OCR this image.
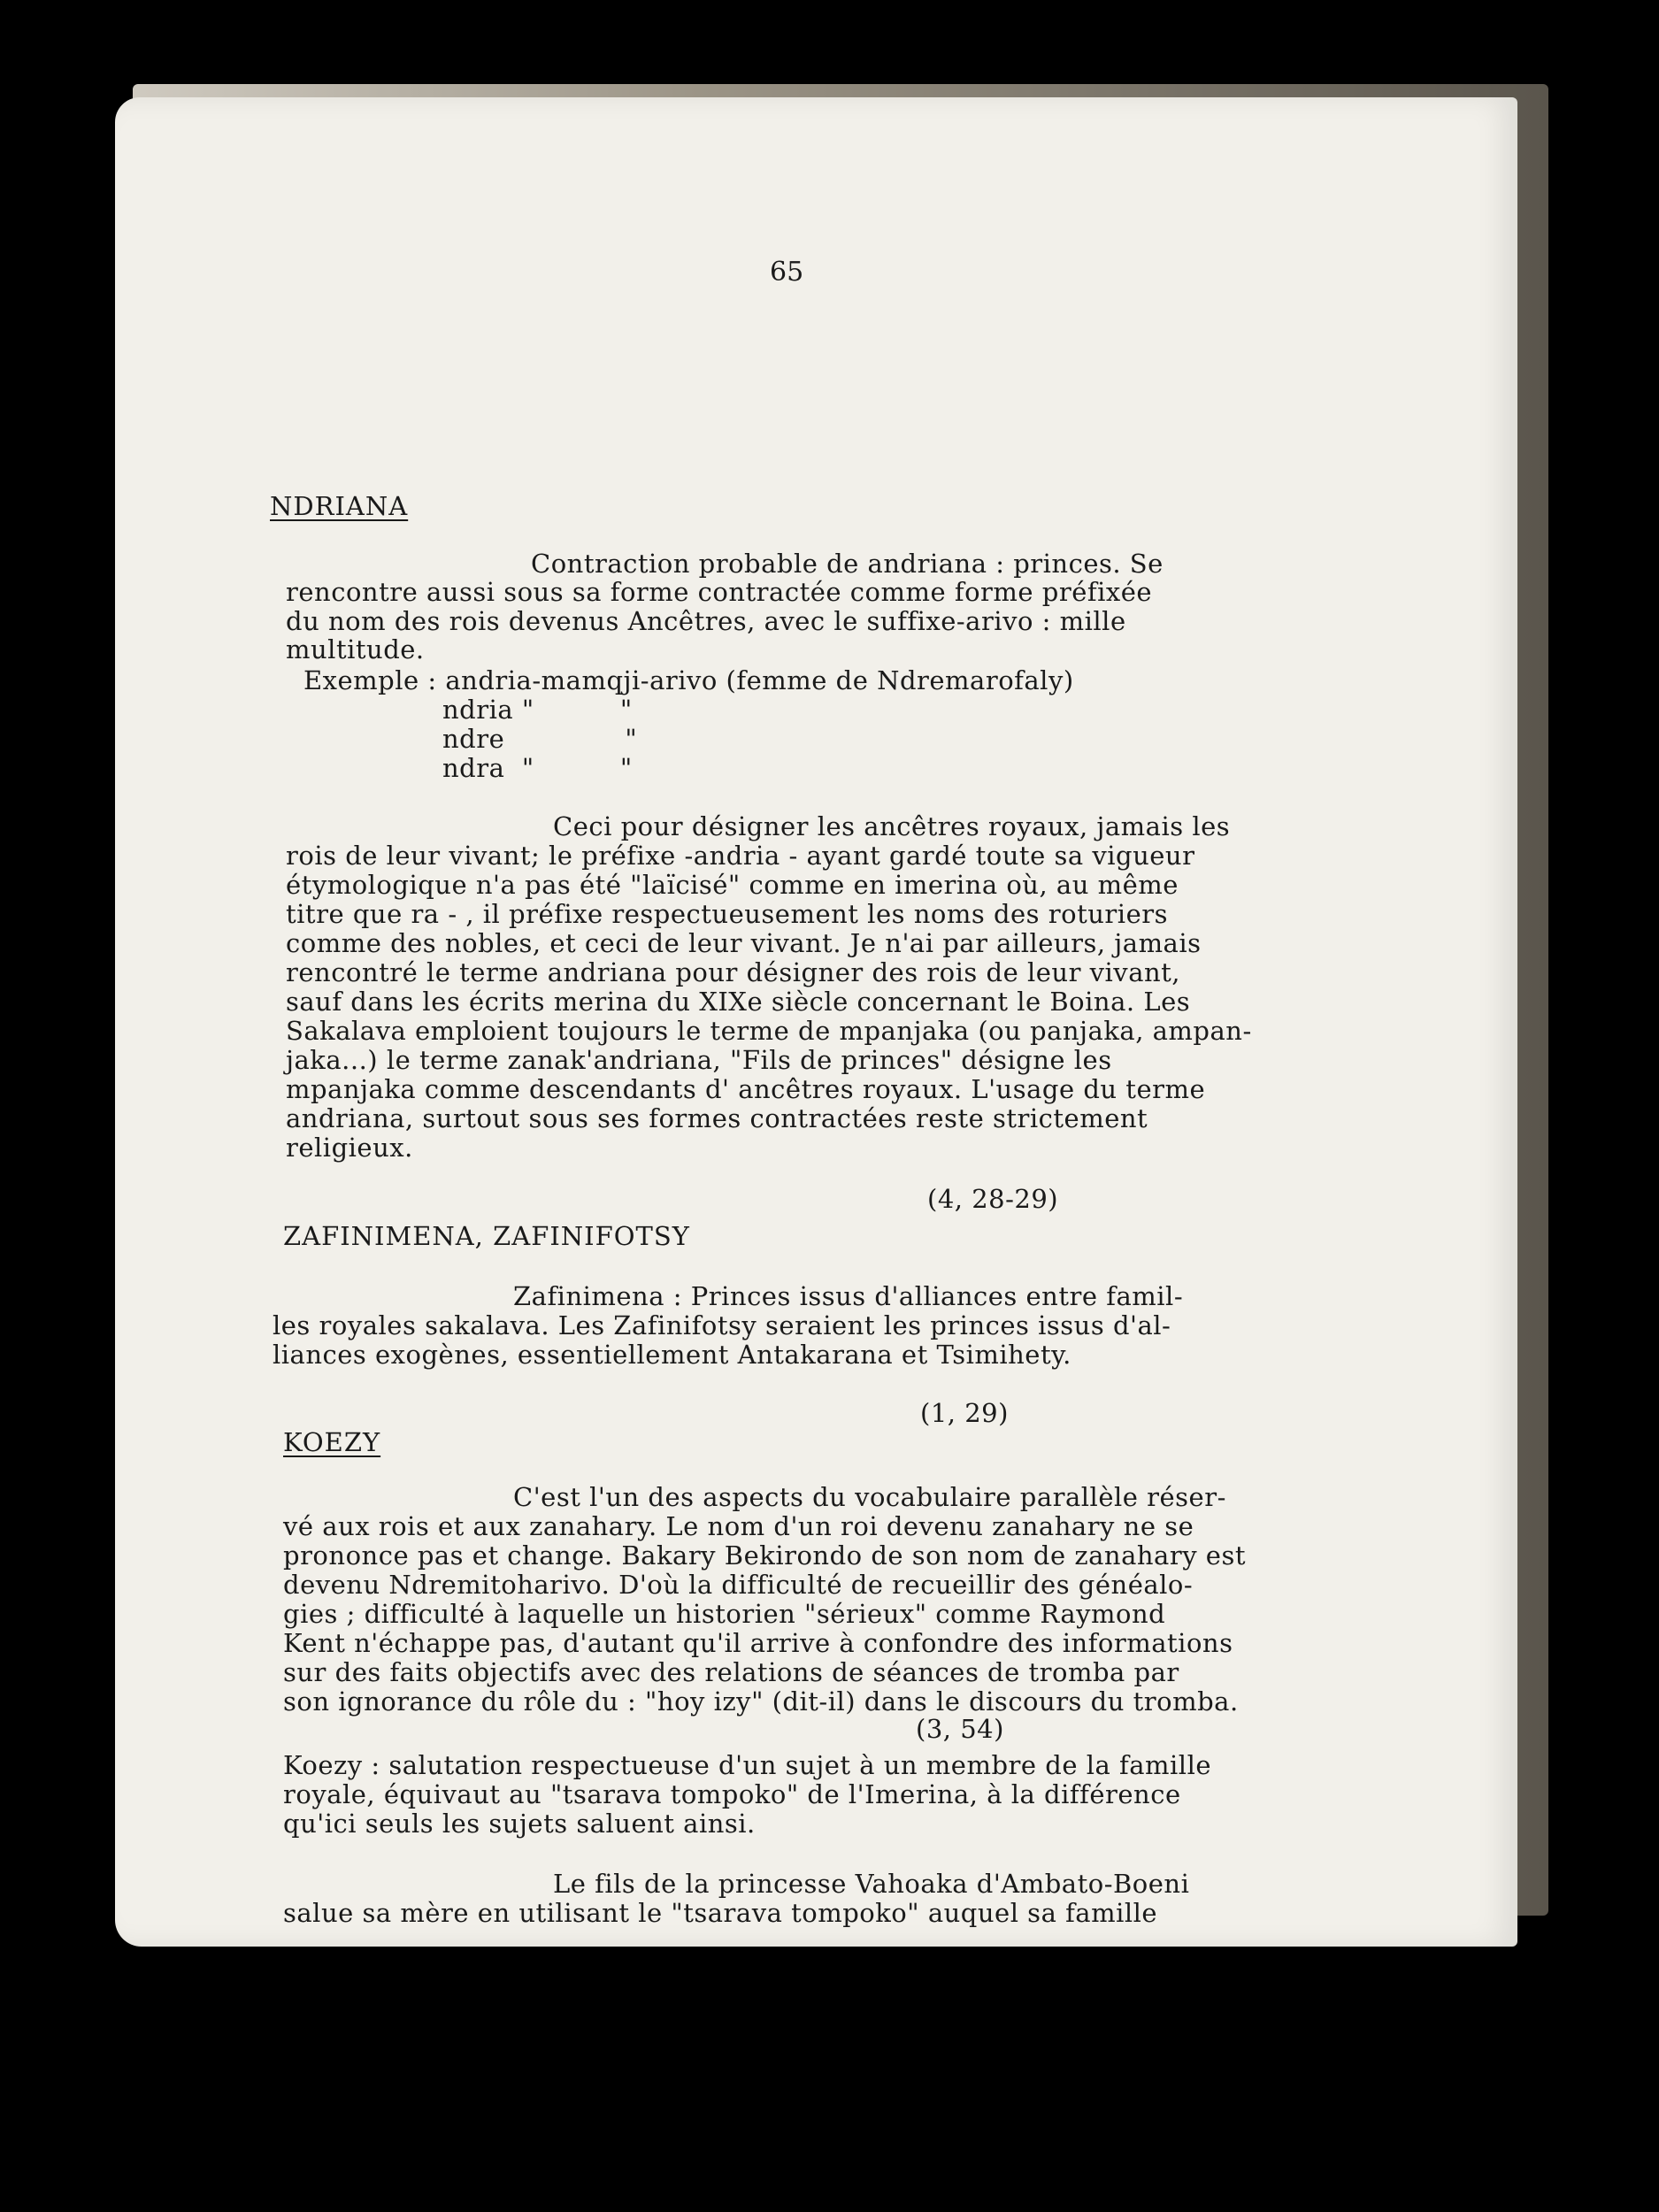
65
NDRIANA
Contraction probable de andriana : princes. Se
rencontre aussi sous sa forme contractée comme forme préfixée
du nom des rois devenus Ancêtres, avec le suffixe-arivo : mille
multitude.
Exemple : andria-mamqji-arivo (femme de Ndremarofaly)
ndria "          "
ndre              "
ndra  "          "
Ceci pour désigner les ancêtres royaux, jamais les
rois de leur vivant; le préfixe -andria - ayant gardé toute sa vigueur
étymologique n'a pas été "laïcisé" comme en imerina où, au même
titre que ra - , il préfixe respectueusement les noms des roturiers
comme des nobles, et ceci de leur vivant. Je n'ai par ailleurs, jamais
rencontré le terme andriana pour désigner des rois de leur vivant,
sauf dans les écrits merina du XIXe siècle concernant le Boina. Les
Sakalava emploient toujours le terme de mpanjaka (ou panjaka, ampan-
jaka...) le terme zanak'andriana, "Fils de princes" désigne les
mpanjaka comme descendants d' ancêtres royaux. L'usage du terme
andriana, surtout sous ses formes contractées reste strictement
religieux.
(4, 28-29)
ZAFINIMENA, ZAFINIFOTSY
Zafinimena : Princes issus d'alliances entre famil-
les royales sakalava. Les Zafinifotsy seraient les princes issus d'al-
liances exogènes, essentiellement Antakarana et Tsimihety.
(1, 29)
KOEZY
C'est l'un des aspects du vocabulaire parallèle réser-
vé aux rois et aux zanahary. Le nom d'un roi devenu zanahary ne se
prononce pas et change. Bakary Bekirondo de son nom de zanahary est
devenu Ndremitoharivo. D'où la difficulté de recueillir des généalo-
gies ; difficulté à laquelle un historien "sérieux" comme Raymond
Kent n'échappe pas, d'autant qu'il arrive à confondre des informations
sur des faits objectifs avec des relations de séances de tromba par
son ignorance du rôle du : "hoy izy" (dit-il) dans le discours du tromba.
(3, 54)
Koezy : salutation respectueuse d'un sujet à un membre de la famille
royale, équivaut au "tsarava tompoko" de l'Imerina, à la différence
qu'ici seuls les sujets saluent ainsi.
Le fils de la princesse Vahoaka d'Ambato-Boeni
salue sa mère en utilisant le "tsarava tompoko" auquel sa famille
